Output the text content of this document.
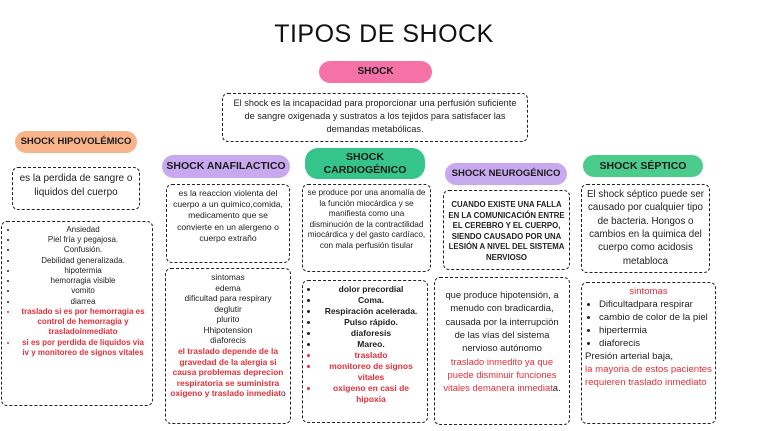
TIPOS DE SHOCK
SHOCK
El shock es la incapacidad para proporcionar una perfusión suficiente de sangre oxigenada y sustratos a los tejidos para satisfacer las demandas metabólicas.
SHOCK HIPOVOLÉMICO
es la perdida de sangre o liquidos del cuerpo
• Ansiedad
• Piel fría y pegajosa.
• Confusión.
• Debilidad generalizada.
• hipotermia
• hemorragia visible
• vomito
• diarrea
• traslado si es por hemorragia es control de hemorragia y trasladoinmediato
• si es por perdida de liquidos via iv y monitoreo de signos vitales
SHOCK ANAFILACTICO
es la reaccion violenta del cuerpo a un quimico,comida, medicamento que se convierte en un alergeno o cuerpo extraño
sintomas
edema
dificultad para respirary
deglutir
plurito
Hhipotension
diaforecis
el traslado depende de la gravedad de la alergia si causa problemas deprecion respiratoria se suministra oxigeno y traslado inmediato
SHOCK CARDIOGÉNICO
se produce por una anomalía de la función miocárdica y se manifiesta como una disminución de la contractilidad miocárdica y del gasto cardíaco, con mala perfusión tisular
• dolor precordial
• Coma.
• Respiración acelerada.
• Pulso rápido.
• diaforesis
• Mareo.
• traslado
• monitoreo de signos vitales
• oxigeno en casi de hipoxia
SHOCK NEUROGÉNICO
CUANDO EXISTE UNA FALLA EN LA COMUNICACIÓN ENTRE EL CEREBRO Y EL CUERPO, SIENDO CAUSADO POR UNA LESIÓN A NIVEL DEL SISTEMA NERVIOSO
que produce hipotensión, a menudo con bradicardia, causada por la interrupción de las vías del sistema nervioso autónomo
traslado inmedito ya que puede disminuir funciones vitales demanera inmediata.
SHOCK SÉPTICO
El shock séptico puede ser causado por cualquier tipo de bacteria. Hongos o cambios en la quimica del cuerpo como acidosis metabloca
sintomas
• Dificultadpara respirar
• cambio de color de la piel
• hipertermia
• diaforecis
Presión arterial baja,
la mayoria de estos pacientes requieren traslado inmediato
